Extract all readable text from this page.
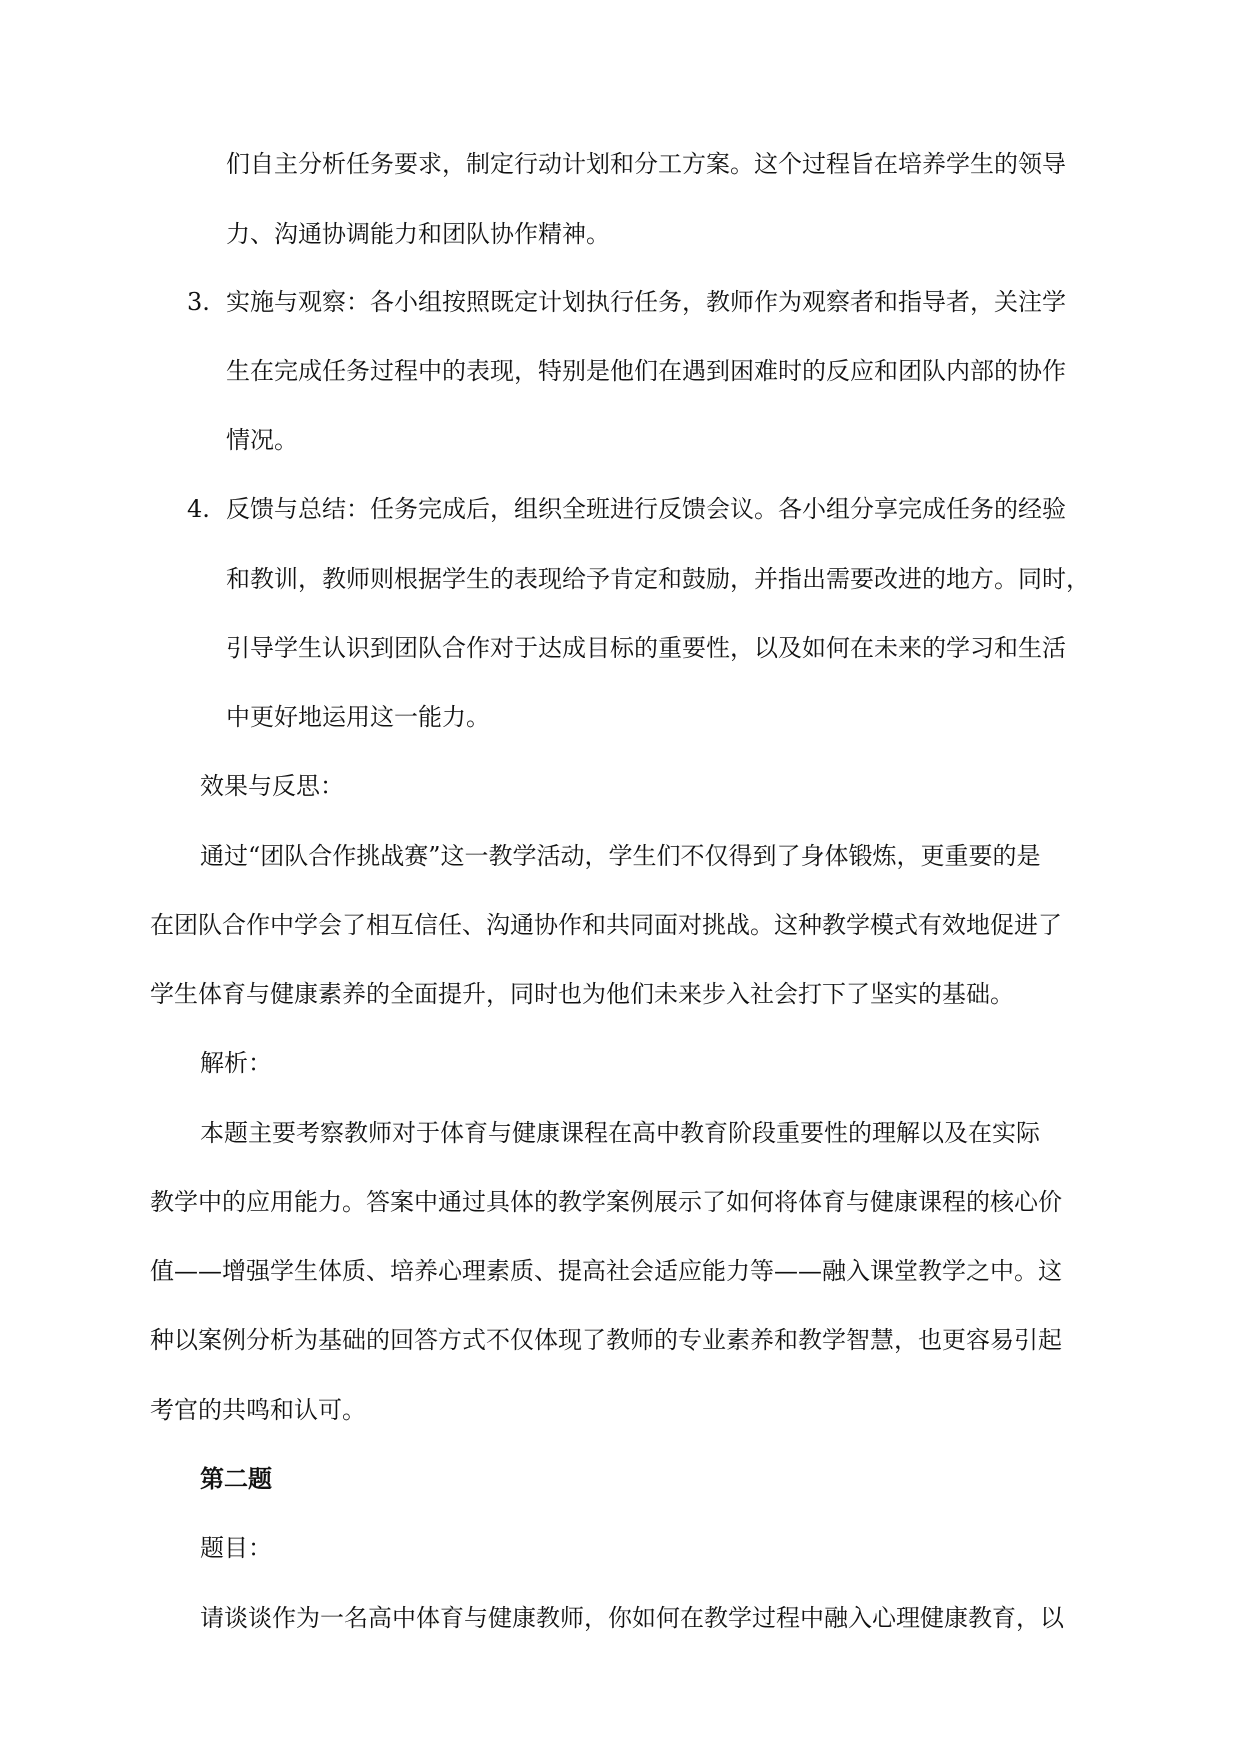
们自主分析任务要求，制定行动计划和分工方案。这个过程旨在培养学生的领导
力、沟通协调能力和团队协作精神。
3. 实施与观察：各小组按照既定计划执行任务，教师作为观察者和指导者，关注学
生在完成任务过程中的表现，特别是他们在遇到困难时的反应和团队内部的协作
情况。
4. 反馈与总结：任务完成后，组织全班进行反馈会议。各小组分享完成任务的经验
和教训，教师则根据学生的表现给予肯定和鼓励，并指出需要改进的地方。同时，
引导学生认识到团队合作对于达成目标的重要性，以及如何在未来的学习和生活
中更好地运用这一能力。
效果与反思：
通过“团队合作挑战赛”这一教学活动，学生们不仅得到了身体锻炼，更重要的是
在团队合作中学会了相互信任、沟通协作和共同面对挑战。这种教学模式有效地促进了
学生体育与健康素养的全面提升，同时也为他们未来步入社会打下了坚实的基础。
解析：
本题主要考察教师对于体育与健康课程在高中教育阶段重要性的理解以及在实际
教学中的应用能力。答案中通过具体的教学案例展示了如何将体育与健康课程的核心价
值——增强学生体质、培养心理素质、提高社会适应能力等——融入课堂教学之中。这
种以案例分析为基础的回答方式不仅体现了教师的专业素养和教学智慧，也更容易引起
考官的共鸣和认可。
第二题
题目：
请谈谈作为一名高中体育与健康教师，你如何在教学过程中融入心理健康教育，以
